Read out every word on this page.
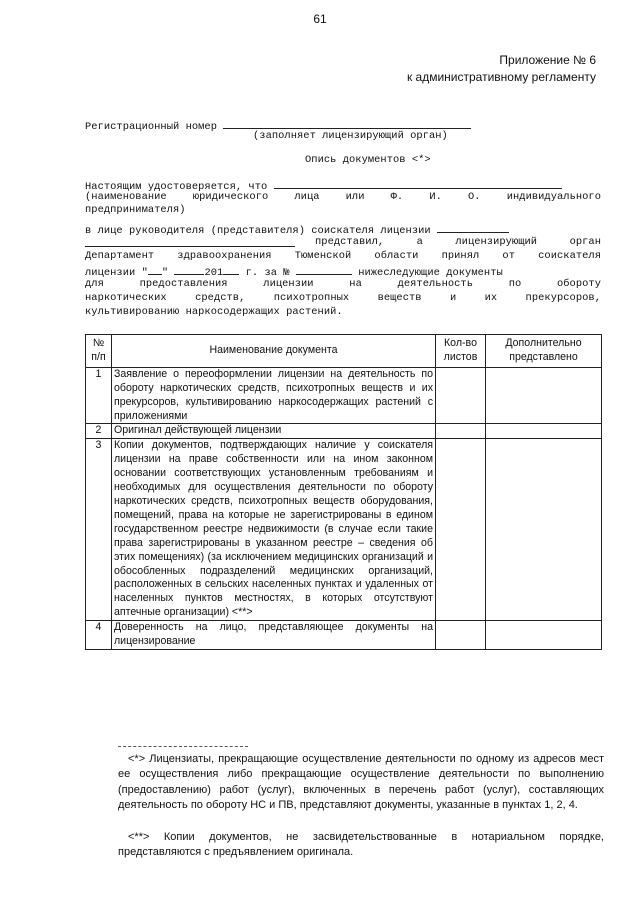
61
Приложение № 6
к административному регламенту
Регистрационный номер
(заполняет лицензирующий орган)
Опись документов <*>
Настоящим удостоверяется, что
(наименование юридического лица или Ф. И. О. индивидуального
предпринимателя)
в лице руководителя (представителя) соискателя лицензии
представил, а лицензирующий орган
Департамент здравоохранения Тюменской области принял от соискателя
лицензии " "	201 г. за №	нижеследующие документы
для предоставления лицензии на деятельность по обороту
наркотических средств, психотропных веществ и их прекурсоров,
культивированию наркосодержащих растений.
№ п/п	Наименование документа	Кол-во листов	Дополнительно представлено
1	Заявление о переоформлении лицензии на деятельность по обороту наркотических средств, психотропных веществ и их прекурсоров, культивированию наркосодержащих растений с приложениями		
2	Оригинал действующей лицензии		
3	Копии документов, подтверждающих наличие у соискателя лицензии на праве собственности или на ином законном основании соответствующих установленным требованиям и необходимых для осуществления деятельности по обороту наркотических средств, психотропных веществ оборудования, помещений, права на которые не зарегистрированы в едином государственном реестре недвижимости (в случае если такие права зарегистрированы в указанном реестре – сведения об этих помещениях) (за исключением медицинских организаций и обособленных подразделений медицинских организаций, расположенных в сельских населенных пунктах и удаленных от населенных пунктов местностях, в которых отсутствуют аптечные организации) <**>		
4	Доверенность на лицо, представляющее документы на лицензирование		
<*> Лицензиаты, прекращающие осуществление деятельности по одному из адресов мест ее осуществления либо прекращающие осуществление деятельности по выполнению (предоставлению) работ (услуг), включенных в перечень работ (услуг), составляющих деятельность по обороту НС и ПВ, представляют документы, указанные в пунктах 1, 2, 4.
<**> Копии документов, не засвидетельствованные в нотариальном порядке, представляются с предъявлением оригинала.
